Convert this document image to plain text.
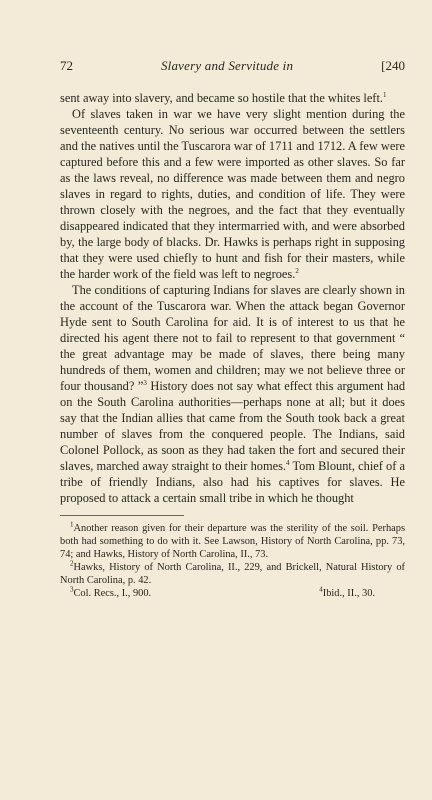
72	Slavery and Servitude in	[240

sent away into slavery, and became so hostile that the whites left.$^1$

Of slaves taken in war we have very slight mention during the seventeenth century. No serious war occurred between the settlers and the natives until the Tuscarora war of 1711 and 1712. A few were captured before this and a few were imported as other slaves. So far as the laws reveal, no difference was made between them and negro slaves in regard to rights, duties, and condition of life. They were thrown closely with the negroes, and the fact that they eventually disappeared indicated that they intermarried with, and were absorbed by, the large body of blacks. Dr. Hawks is perhaps right in supposing that they were used chiefly to hunt and fish for their masters, while the harder work of the field was left to negroes.$^2$

The conditions of capturing Indians for slaves are clearly shown in the account of the Tuscarora war. When the attack began Governor Hyde sent to South Carolina for aid. It is of interest to us that he directed his agent there not to fail to represent to that government “ the great advantage may be made of slaves, there being many hundreds of them, women and children; may we not believe three or four thousand? ”$^3$ History does not say what effect this argument had on the South Carolina authorities—perhaps none at all; but it does say that the Indian allies that came from the South took back a great number of slaves from the conquered people. The Indians, said Colonel Pollock, as soon as they had taken the fort and secured their slaves, marched away straight to their homes.$^4$ Tom Blount, chief of a tribe of friendly Indians, also had his captives for slaves. He proposed to attack a certain small tribe in which he thought

$^1$Another reason given for their departure was the sterility of the soil. Perhaps both had something to do with it. See Lawson, History of North Carolina, pp. 73, 74; and Hawks, History of North Carolina, II., 73.

$^2$Hawks, History of North Carolina, II., 229, and Brickell, Natural History of North Carolina, p. 42.

$^3$Col. Recs., I., 900.	$^4$Ibid., II., 30.
